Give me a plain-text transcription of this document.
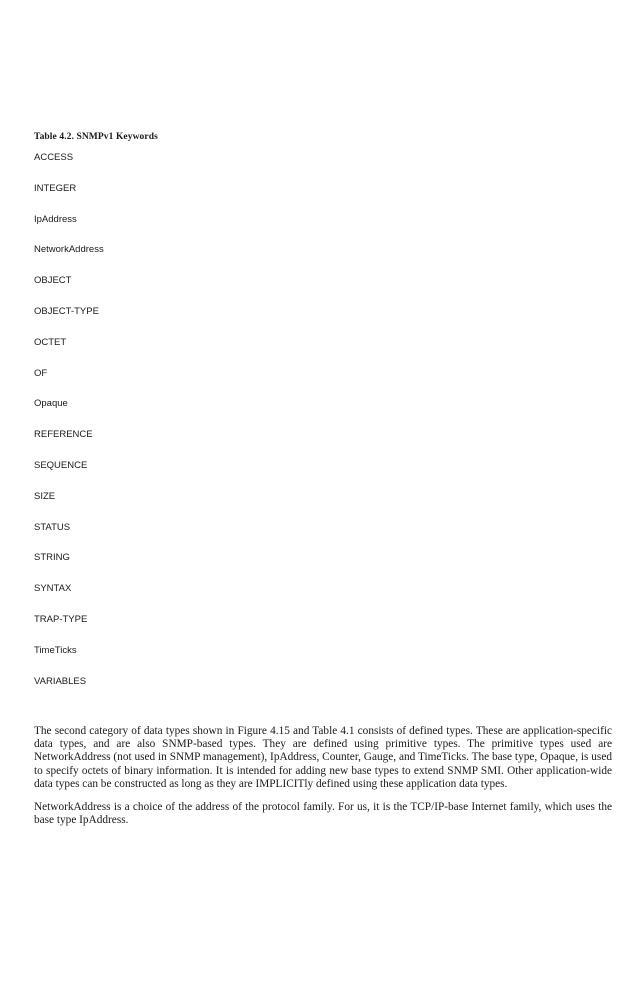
Table 4.2. SNMPv1 Keywords
ACCESS
INTEGER
IpAddress
NetworkAddress
OBJECT
OBJECT-TYPE
OCTET
OF
Opaque
REFERENCE
SEQUENCE
SIZE
STATUS
STRING
SYNTAX
TRAP-TYPE
TimeTicks
VARIABLES

The second category of data types shown in Figure 4.15 and Table 4.1 consists of defined types. These are application-specific data types, and are also SNMP-based types. They are defined using primitive types. The primitive types used are NetworkAddress (not used in SNMP management), IpAddress, Counter, Gauge, and TimeTicks. The base type, Opaque, is used to specify octets of binary information. It is intended for adding new base types to extend SNMP SMI. Other application-wide data types can be constructed as long as they are IMPLICITly defined using these application data types.

NetworkAddress is a choice of the address of the protocol family. For us, it is the TCP/IP-base Internet family, which uses the base type IpAddress.
